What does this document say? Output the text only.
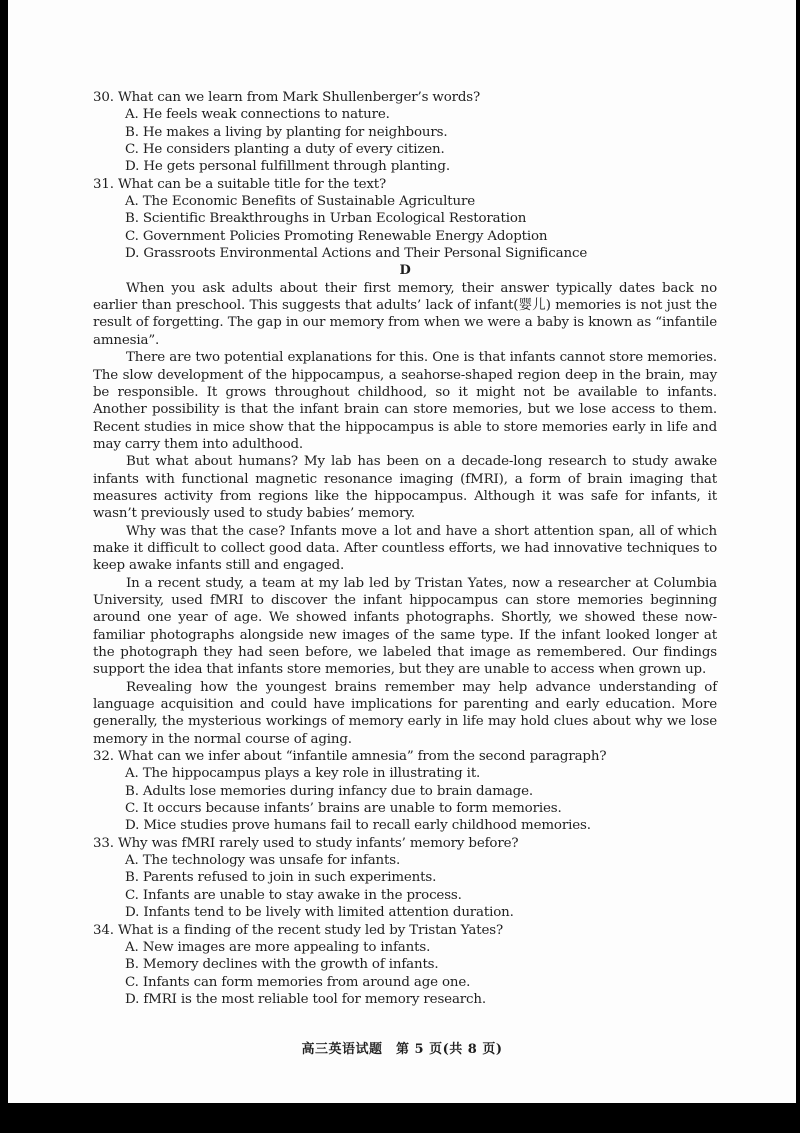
30. What can we learn from Mark Shullenberger’s words?
A. He feels weak connections to nature.
B. He makes a living by planting for neighbours.
C. He considers planting a duty of every citizen.
D. He gets personal fulfillment through planting.
31. What can be a suitable title for the text?
A. The Economic Benefits of Sustainable Agriculture
B. Scientific Breakthroughs in Urban Ecological Restoration
C. Government Policies Promoting Renewable Energy Adoption
D. Grassroots Environmental Actions and Their Personal Significance
D

When you ask adults about their first memory, their answer typically dates back no earlier than preschool. This suggests that adults’ lack of infant(婴儿) memories is not just the result of forgetting. The gap in our memory from when we were a baby is known as “infantile amnesia”.

There are two potential explanations for this. One is that infants cannot store memories. The slow development of the hippocampus, a seahorse-shaped region deep in the brain, may be responsible. It grows throughout childhood, so it might not be available to infants. Another possibility is that the infant brain can store memories, but we lose access to them. Recent studies in mice show that the hippocampus is able to store memories early in life and may carry them into adulthood.

But what about humans? My lab has been on a decade-long research to study awake infants with functional magnetic resonance imaging (fMRI), a form of brain imaging that measures activity from regions like the hippocampus. Although it was safe for infants, it wasn’t previously used to study babies’ memory.

Why was that the case? Infants move a lot and have a short attention span, all of which make it difficult to collect good data. After countless efforts, we had innovative techniques to keep awake infants still and engaged.

In a recent study, a team at my lab led by Tristan Yates, now a researcher at Columbia University, used fMRI to discover the infant hippocampus can store memories beginning around one year of age. We showed infants photographs. Shortly, we showed these now-familiar photographs alongside new images of the same type. If the infant looked longer at the photograph they had seen before, we labeled that image as remembered. Our findings support the idea that infants store memories, but they are unable to access when grown up.

Revealing how the youngest brains remember may help advance understanding of language acquisition and could have implications for parenting and early education. More generally, the mysterious workings of memory early in life may hold clues about why we lose memory in the normal course of aging.

32. What can we infer about “infantile amnesia” from the second paragraph?
A. The hippocampus plays a key role in illustrating it.
B. Adults lose memories during infancy due to brain damage.
C. It occurs because infants’ brains are unable to form memories.
D. Mice studies prove humans fail to recall early childhood memories.
33. Why was fMRI rarely used to study infants’ memory before?
A. The technology was unsafe for infants.
B. Parents refused to join in such experiments.
C. Infants are unable to stay awake in the process.
D. Infants tend to be lively with limited attention duration.
34. What is a finding of the recent study led by Tristan Yates?
A. New images are more appealing to infants.
B. Memory declines with the growth of infants.
C. Infants can form memories from around age one.
D. fMRI is the most reliable tool for memory research.
高三英语试题　第 5 页(共 8 页)
